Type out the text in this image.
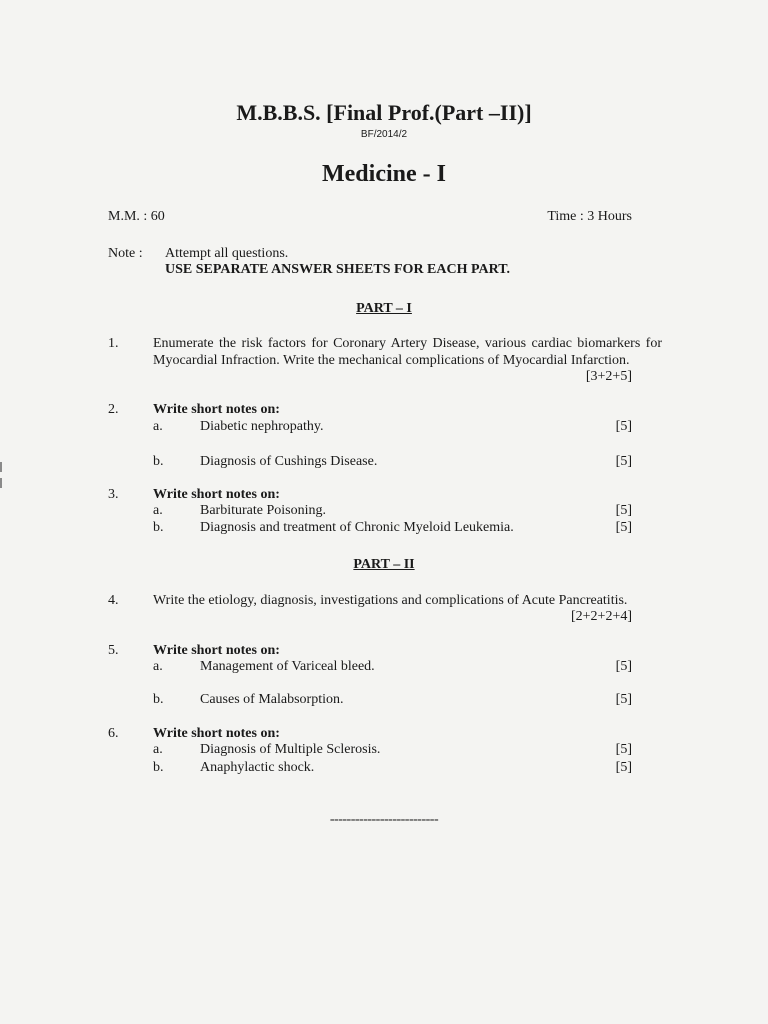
M.B.B.S. [Final Prof.(Part –II)]
BF/2014/2
Medicine - I
M.M. : 60	Time : 3 Hours
Note : Attempt all questions.
USE SEPARATE ANSWER SHEETS FOR EACH PART.
PART – I
1. Enumerate the risk factors for Coronary Artery Disease, various cardiac biomarkers for Myocardial Infraction. Write the mechanical complications of Myocardial Infarction.
[3+2+5]
2. Write short notes on:
a.	Diabetic nephropathy.	[5]
b.	Diagnosis of Cushings Disease.	[5]
3. Write short notes on:
a.	Barbiturate Poisoning.	[5]
b.	Diagnosis and treatment of Chronic Myeloid Leukemia.	[5]
PART – II
4. Write the etiology, diagnosis, investigations and complications of Acute Pancreatitis.
[2+2+2+4]
5. Write short notes on:
a.	Management of Variceal bleed.	[5]
b.	Causes of Malabsorption.	[5]
6. Write short notes on:
a.	Diagnosis of Multiple Sclerosis.	[5]
b.	Anaphylactic shock.	[5]
--------------------------
